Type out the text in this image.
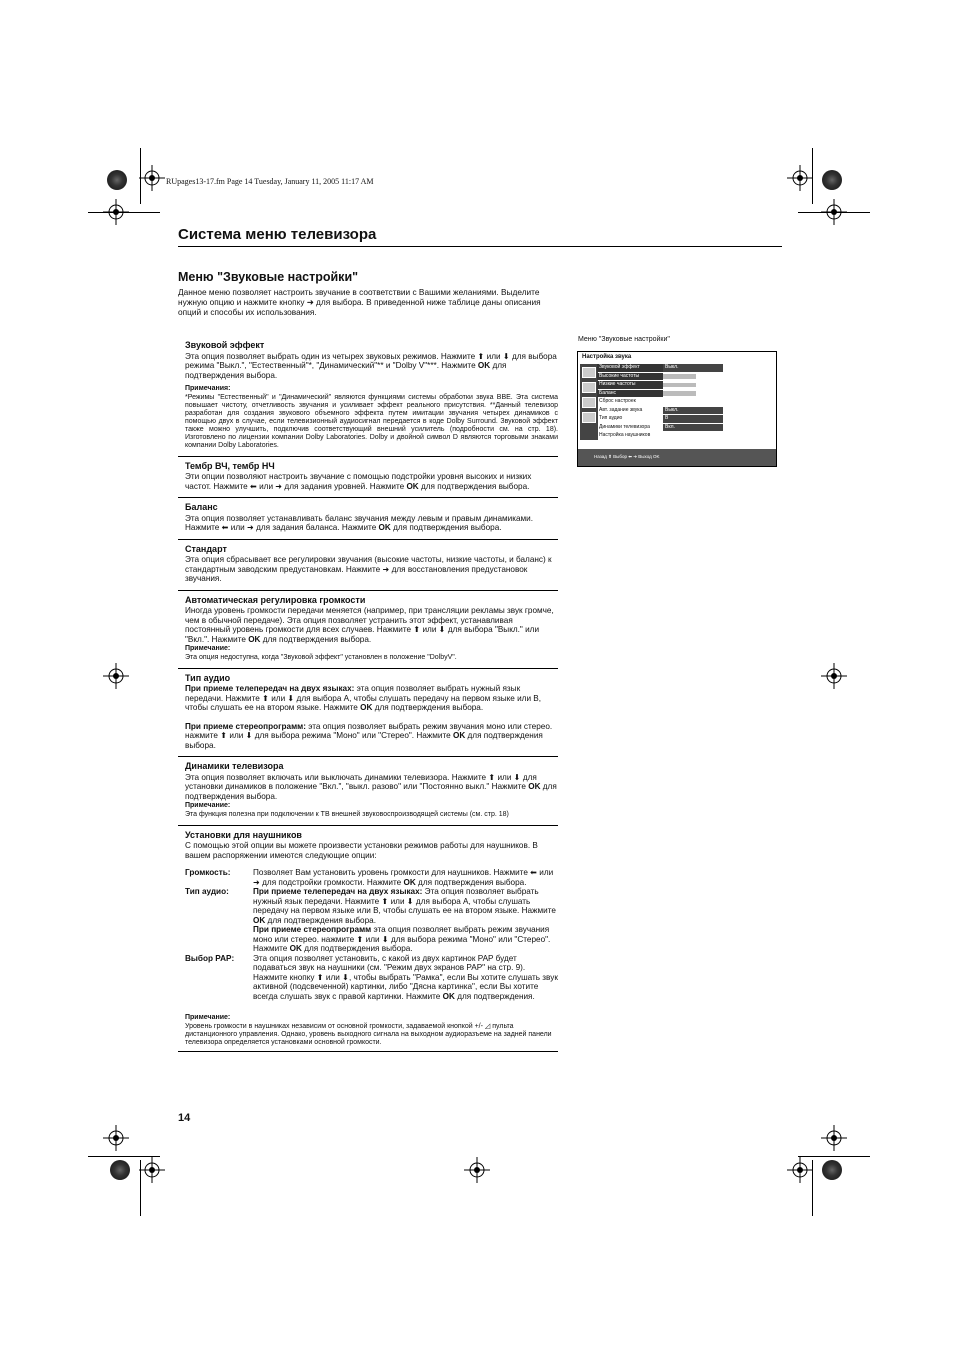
RUpages13-17.fm Page 14 Tuesday, January 11, 2005 11:17 AM
Система меню телевизора
Меню "Звуковые настройки"
Данное меню позволяет настроить звучание в соответствии с Вашими желаниями. Выделите нужную опцию и нажмите кнопку ➜ для выбора. В приведенной ниже таблице даны описания опций и способы их использования.
Звуковой эффект
Эта опция позволяет выбрать один из четырех звуковых режимов. Нажмите ⬆ или ⬇ для выбора режима "Выкл.", "Естественный"*, "Динамический"** и "Dolby V"***. Нажмите OK для подтверждения выбора.
Примечания:
*Режимы "Естественный" и "Динамический" являются функциями системы обработки звука BBE. Эта система повышает чистоту, отчетливость звучания и усиливает эффект реального присутствия. **Данный телевизор разработан для создания звукового объемного эффекта путем имитации звучания четырех динамиков с помощью двух в случае, если телевизионный аудиосигнал передается в коде Dolby Surround. Звуковой эффект также можно улучшить, подключив соответствующий внешний усилитель (подробности см. на стр. 18). Изготовлено по лицензии компании Dolby Laboratories. Dolby и двойной символ D являются торговыми знаками компании Dolby Laboratories.
Тембр ВЧ, тембр НЧ
Эти опции позволяют настроить звучание с помощью подстройки уровня высоких и низких частот. Нажмите ⬅ или ➜ для задания уровней. Нажмите OK для подтверждения выбора.
Баланс
Эта опция позволяет устанавливать баланс звучания между левым и правым динамиками. Нажмите ⬅ или ➜ для задания баланса. Нажмите OK для подтверждения выбора.
Стандарт
Эта опция сбрасывает все регулировки звучания (высокие частоты, низкие частоты, и баланс) к стандартным заводским предустановкам. Нажмите ➜ для восстановления предустановок звучания.
Автоматическая регулировка громкости
Иногда уровень громкости передачи меняется (например, при трансляции рекламы звук громче, чем в обычной передаче). Эта опция позволяет устранить этот эффект, устанавливая постоянный уровень громкости для всех случаев. Нажмите ⬆ или ⬇ для выбора "Выкл." или "Вкл.". Нажмите OK для подтверждения выбора.
Примечание:
Эта опция недоступна, когда "Звуковой эффект" установлен в положение "DolbyV".
Тип аудио
При приеме телепередач на двух языках: эта опция позволяет выбрать нужный язык передачи. Нажмите ⬆ или ⬇ для выбора A, чтобы слушать передачу на первом языке или B, чтобы слушать ее на втором языке. Нажмите OK для подтверждения выбора.
При приеме стереопрограмм: эта опция позволяет выбрать режим звучания моно или стерео. нажмите ⬆ или ⬇ для выбора режима "Моно" или "Стерео". Нажмите OK для подтверждения выбора.
Динамики телевизора
Эта опция позволяет включать или выключать динамики телевизора. Нажмите ⬆ или ⬇ для установки динамиков в положение "Вкл.", "выкл. разово" или "Постоянно выкл." Нажмите OK для подтверждения выбора.
Примечание:
Эта функция полезна при подключении к ТВ внешней звуковоспроизводящей системы (см. стр. 18)
Установки для наушников
С помощью этой опции вы можете произвести установки режимов работы для наушников. В вашем распоряжении имеются следующие опции:
Громкость:	Позволяет Вам установить уровень громкости для наушников. Нажмите ⬅ или ➜ для подстройки громкости. Нажмите OK для подтверждения выбора.
Тип аудио:	При приеме телепередач на двух языках: Эта опция позволяет выбрать нужный язык передачи. Нажмите ⬆ или ⬇ для выбора A, чтобы слушать передачу на первом языке или B, чтобы слушать ее на втором языке. Нажмите OK для подтверждения выбора.
При приеме стереопрограмм эта опция позволяет выбрать режим звучания моно или стерео. нажмите ⬆ или ⬇ для выбора режима "Моно" или "Стерео". Нажмите OK для подтверждения выбора.
Выбор PAP:	Эта опция позволяет установить, с какой из двух картинок PAP будет подаваться звук на наушники (см. "Режим двух экранов PAP" на стр. 9). Нажмите кнопку ⬆ или ⬇, чтобы выбрать "Рамка", если Вы хотите слушать звук активной (подсвеченной) картинки, либо "Дясна картинка", если Вы хотите всегда слушать звук с правой картинки. Нажмите OK для подтверждения.
Примечание:
Уровень громкости в наушниках независим от основной громкости, задаваемой кнопкой +/- ◿ пульта дистанционного управления. Однако, уровень выходного сигнала на выходном аудиоразъеме на задней панели телевизора определяется установками основной громкости.
14
Меню "Звуковые настройки"
Настройка звука
Звуковой эффект	Выкл.
Высокие частоты
Низкие частоты
Баланс
Сброс настроек
Авт. задание звука	Выкл.
Тип аудио	B
Динамики телевизора	Вкл.
Настройка наушников
Назад ⬆ Выбор ⬅ ➜ Выход OK
